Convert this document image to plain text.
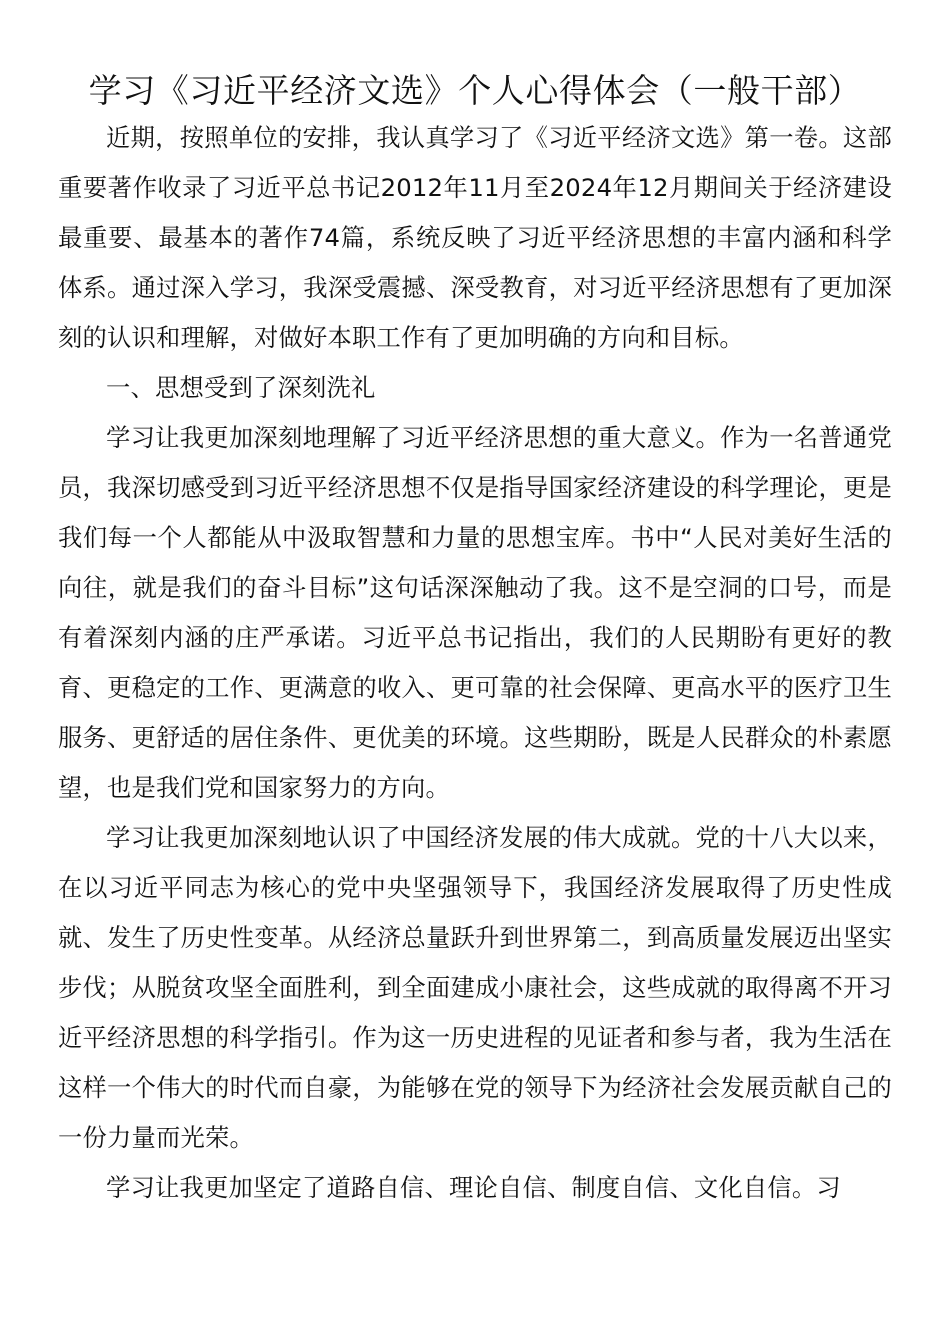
学习《习近平经济文选》个人心得体会（一般干部）

近期，按照单位的安排，我认真学习了《习近平经济文选》第一卷。这部重要著作收录了习近平总书记2012年11月至2024年12月期间关于经济建设最重要、最基本的著作74篇，系统反映了习近平经济思想的丰富内涵和科学体系。通过深入学习，我深受震撼、深受教育，对习近平经济思想有了更加深刻的认识和理解，对做好本职工作有了更加明确的方向和目标。

一、思想受到了深刻洗礼

学习让我更加深刻地理解了习近平经济思想的重大意义。作为一名普通党员，我深切感受到习近平经济思想不仅是指导国家经济建设的科学理论，更是我们每一个人都能从中汲取智慧和力量的思想宝库。书中“人民对美好生活的向往，就是我们的奋斗目标”这句话深深触动了我。这不是空洞的口号，而是有着深刻内涵的庄严承诺。习近平总书记指出，我们的人民期盼有更好的教育、更稳定的工作、更满意的收入、更可靠的社会保障、更高水平的医疗卫生服务、更舒适的居住条件、更优美的环境。这些期盼，既是人民群众的朴素愿望，也是我们党和国家努力的方向。

学习让我更加深刻地认识了中国经济发展的伟大成就。党的十八大以来，在以习近平同志为核心的党中央坚强领导下，我国经济发展取得了历史性成就、发生了历史性变革。从经济总量跃升到世界第二，到高质量发展迈出坚实步伐；从脱贫攻坚全面胜利，到全面建成小康社会，这些成就的取得离不开习近平经济思想的科学指引。作为这一历史进程的见证者和参与者，我为生活在这样一个伟大的时代而自豪，为能够在党的领导下为经济社会发展贡献自己的一份力量而光荣。

学习让我更加坚定了道路自信、理论自信、制度自信、文化自信。习
